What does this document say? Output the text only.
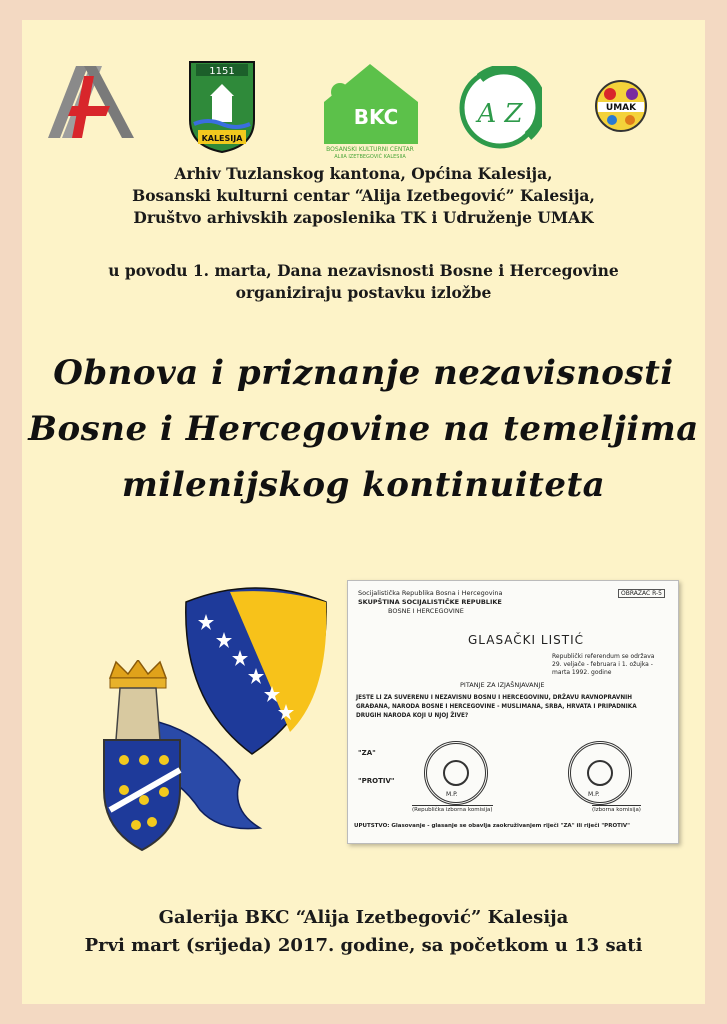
1151
KALESIJA
BKC
BOSANSKI KULTURNI CENTAR
ALIJA IZETBEGOVIĆ KALESIJA
A Z	UMAK
Arhiv Tuzlanskog kantona, Općina Kalesija,
Bosanski kulturni centar “Alija Izetbegović” Kalesija,
Društvo arhivskih zaposlenika TK i Udruženje UMAK
u povodu 1. marta, Dana nezavisnosti Bosne i Hercegovine
organiziraju postavku izložbe
Obnova i priznanje nezavisnosti
Bosne i Hercegovine na temeljima
milenijskog kontinuiteta
Socijalistička Republika Bosna i Hercegovina
SKUPŠTINA SOCIJALISTIČKE REPUBLIKE
BOSNE I HERCEGOVINE
OBRAZAC R-5
GLASAČKI LISTIĆ
Republički referendum se održava
29. veljače - februara i 1. ožujka -
marta 1992. godine
PITANJE ZA IZJAŠNJAVANJE
JESTE LI ZA SUVERENU I NEZAVISNU BOSNU I HERCEGOVINU, DRŽAVU RAVNOPRAVNIH
GRAĐANA, NARODA BOSNE I HERCEGOVINE - MUSLIMANA, SRBA, HRVATA I PRIPADNIKA
DRUGIH NARODA KOJI U NJOJ ŽIVE?
"ZA"
"PROTIV"
M.P.	M.P.
(Republička izborna komisija)	(Izborna komisija)
UPUTSTVO: Glasovanje - glasanje se obavlja zaokruživanjem riječi "ZA" ili riječi "PROTIV"
Galerija BKC “Alija Izetbegović” Kalesija
Prvi mart (srijeda) 2017. godine, sa početkom u 13 sati
